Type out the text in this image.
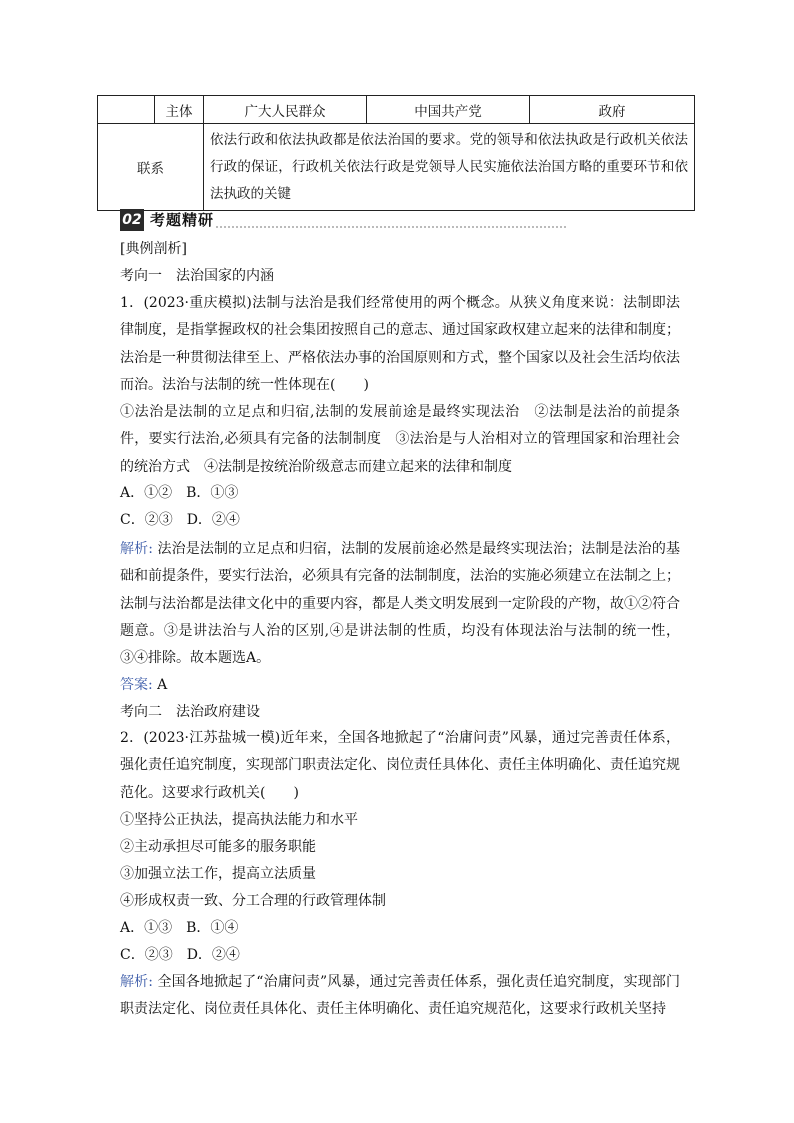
	主体	广大人民群众	中国共产党	政府
联系		依法行政和依法执政都是依法治国的要求。党的领导和依法执政是行政机关依法行政的保证，行政机关依法行政是党领导人民实施依法治国方略的重要环节和依法执政的关键		
02 考题精研
[典例剖析]
考向一　法治国家的内涵
1．(2023·重庆模拟)法制与法治是我们经常使用的两个概念。从狭义角度来说：法制即法律制度，是指掌握政权的社会集团按照自己的意志、通过国家政权建立起来的法律和制度；法治是一种贯彻法律至上、严格依法办事的治国原则和方式，整个国家以及社会生活均依法而治。法治与法制的统一性体现在(　　)
①法治是法制的立足点和归宿,法制的发展前途是最终实现法治　②法制是法治的前提条件，要实行法治,必须具有完备的法制制度　③法治是与人治相对立的管理国家和治理社会的统治方式　④法制是按统治阶级意志而建立起来的法律和制度
A．①②　B．①③
C．②③　D．②④
解析: 法治是法制的立足点和归宿，法制的发展前途必然是最终实现法治；法制是法治的基础和前提条件，要实行法治，必须具有完备的法制制度，法治的实施必须建立在法制之上；法制与法治都是法律文化中的重要内容，都是人类文明发展到一定阶段的产物，故①②符合题意。③是讲法治与人治的区别,④是讲法制的性质，均没有体现法治与法制的统一性，③④排除。故本题选A。
答案: A
考向二　法治政府建设
2．(2023·江苏盐城一模)近年来，全国各地掀起了“治庸问责”风暴，通过完善责任体系，强化责任追究制度，实现部门职责法定化、岗位责任具体化、责任主体明确化、责任追究规范化。这要求行政机关(　　)
①坚持公正执法，提高执法能力和水平
②主动承担尽可能多的服务职能
③加强立法工作，提高立法质量
④形成权责一致、分工合理的行政管理体制
A．①③　B．①④
C．②③　D．②④
解析: 全国各地掀起了“治庸问责”风暴，通过完善责任体系，强化责任追究制度，实现部门职责法定化、岗位责任具体化、责任主体明确化、责任追究规范化，这要求行政机关坚持
